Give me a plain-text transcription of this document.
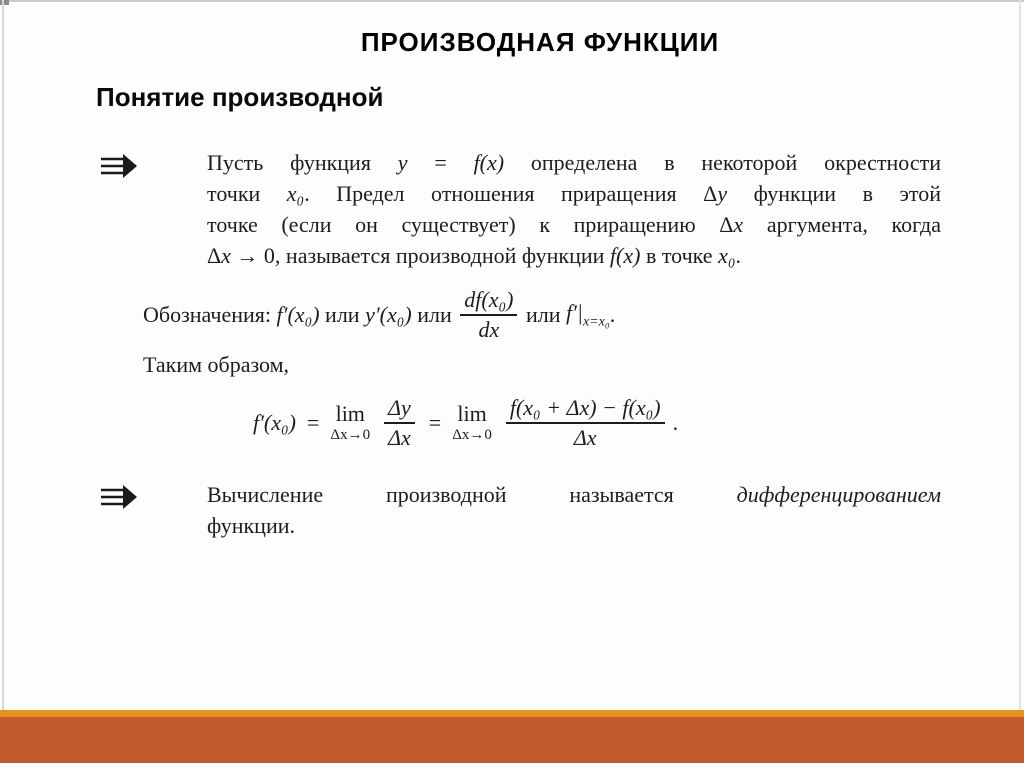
ПРОИЗВОДНАЯ ФУНКЦИИ
Понятие производной
Пусть функция y = f(x) определена в некоторой окрестности
точки x₀. Предел отношения приращения Δy функции в этой
точке (если он существует) к приращению Δx аргумента, когда
Δx → 0, называется производной функции f(x) в точке x₀.
Обозначения: f′(x₀) или y′(x₀) или $\frac{\text{df(x₀)}}{dx}$ или $f'|_{x=x_0}$ .
Таким образом,
f′(x₀) = lim
$\Delta x\to 0 \frac{\Delta y}{\Delta x} = \lim$
$\Delta x\to 0 \frac{\text{f(x₀ + Δx) − f(x₀)}}{\Delta x}$ .
Вычисление производной называется дифференцированием
функции.
